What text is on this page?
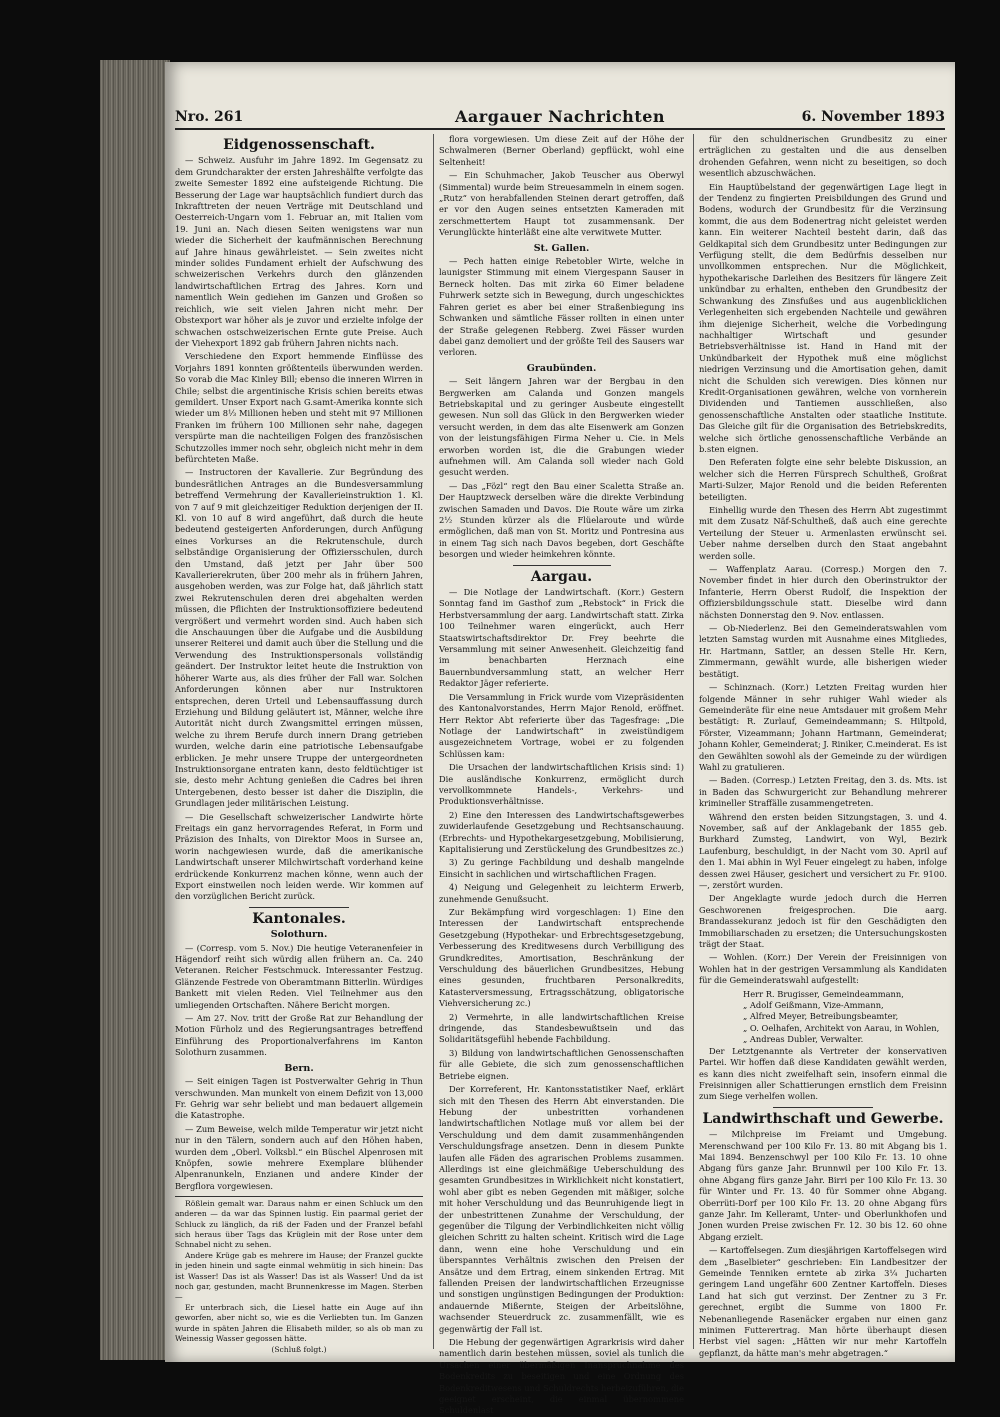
Nro. 261	Aargauer Nachrichten	6. November 1893
Eidgenossenschaft.

— Schweiz. Ausfuhr im Jahre 1892. Im Gegensatz zu dem Grundcharakter der ersten Jahreshälfte verfolgte das zweite Semester 1892 eine aufsteigende Richtung. Die Besserung der Lage war hauptsächlich fundiert durch das Inkrafttreten der neuen Verträge mit Deutschland und Oesterreich-Ungarn vom 1. Februar an, mit Italien vom 19. Juni an. Nach diesen Seiten wenigstens war nun wieder die Sicherheit der kaufmännischen Berechnung auf Jahre hinaus gewährleistet. — Sein zweites nicht minder solides Fundament erhielt der Aufschwung des schweizerischen Verkehrs durch den glänzenden landwirtschaftlichen Ertrag des Jahres. Korn und namentlich Wein gediehen im Ganzen und Großen so reichlich, wie seit vielen Jahren nicht mehr. Der Obstexport war höher als je zuvor und erzielte infolge der schwachen ostschweizerischen Ernte gute Preise. Auch der Viehexport 1892 gab frühern Jahren nichts nach.

Verschiedene den Export hemmende Einflüsse des Vorjahrs 1891 konnten größtenteils überwunden werden. So vorab die Mac Kinley Bill; ebenso die inneren Wirren in Chile; selbst die argentinische Krisis schien bereits etwas gemildert. Unser Export nach G.samt-Amerika konnte sich wieder um 8⅓ Millionen heben und steht mit 97 Millionen Franken im frühern 100 Millionen sehr nahe, dagegen verspürte man die nachteiligen Folgen des französischen Schutzzolles immer noch sehr, obgleich nicht mehr in dem befürchteten Maße.

— Instructoren der Kavallerie. Zur Begründung des bundesrätlichen Antrages an die Bundesversammlung betreffend Vermehrung der Kavallerieinstruktion 1. Kl. von 7 auf 9 mit gleichzeitiger Reduktion derjenigen der II. Kl. von 10 auf 8 wird angeführt, daß durch die heute bedeutend gesteigerten Anforderungen, durch Anfügung eines Vorkurses an die Rekrutenschule, durch selbständige Organisierung der Offiziersschulen, durch den Umstand, daß jetzt per Jahr über 500 Kavallerierekruten, über 200 mehr als in frühern Jahren, ausgehoben werden, was zur Folge hat, daß jährlich statt zwei Rekrutenschulen deren drei abgehalten werden müssen, die Pflichten der Instruktionsoffiziere bedeutend vergrößert und vermehrt worden sind. Auch haben sich die Anschauungen über die Aufgabe und die Ausbildung unserer Reiterei und damit auch über die Stellung und die Verwendung des Instruktionspersonals vollständig geändert. Der Instruktor leitet heute die Instruktion von höherer Warte aus, als dies früher der Fall war. Solchen Anforderungen können aber nur Instruktoren entsprechen, deren Urteil und Lebensauffassung durch Erziehung und Bildung geläutert ist, Männer, welche ihre Autorität nicht durch Zwangsmittel erringen müssen, welche zu ihrem Berufe durch innern Drang getrieben wurden, welche darin eine patriotische Lebensaufgabe erblicken. Je mehr unsere Truppe der untergeordneten Instruktionsorgane entraten kann, desto feldtüchtiger ist sie, desto mehr Achtung genießen die Cadres bei ihren Untergebenen, desto besser ist daher die Disziplin, die Grundlagen jeder militärischen Leistung.

— Die Gesellschaft schweizerischer Landwirte hörte Freitags ein ganz hervorragendes Referat, in Form und Präzision des Inhalts, von Direktor Moos in Sursee an, worin nachgewiesen wurde, daß die amerikanische Landwirtschaft unserer Milchwirtschaft vorderhand keine erdrückende Konkurrenz machen könne, wenn auch der Export einstweilen noch leiden werde. Wir kommen auf den vorzüglichen Bericht zurück.

Kantonales.
Solothurn.

— (Corresp. vom 5. Nov.) Die heutige Veteranenfeier in Hägendorf reiht sich würdig allen frühern an. Ca. 240 Veteranen. Reicher Festschmuck. Interessanter Festzug. Glänzende Festrede von Oberamtmann Bitterlin. Würdiges Bankett mit vielen Reden. Viel Teilnehmer aus den umliegenden Ortschaften. Nähere Bericht morgen.

— Am 27. Nov. tritt der Große Rat zur Behandlung der Motion Fürholz und des Regierungsantrages betreffend Einführung des Proportionalverfahrens im Kanton Solothurn zusammen.

Bern.

— Seit einigen Tagen ist Postverwalter Gehrig in Thun verschwunden. Man munkelt von einem Defizit von 13,000 Fr. Gehrig war sehr beliebt und man bedauert allgemein die Katastrophe.

— Zum Beweise, welch milde Temperatur wir jetzt nicht nur in den Tälern, sondern auch auf den Höhen haben, wurden dem „Oberl. Volksbl.“ ein Büschel Alpenrosen mit Knöpfen, sowie mehrere Exemplare blühender Alpenranunkeln, Enzianen und andere Kinder der Bergflora vorgewiesen.

Rößlein gemalt war. Daraus nahm er einen Schluck um den anderen — da war das Spinnen lustig. Ein paarmal geriet der Schluck zu länglich, da riß der Faden und der Franzel befahl sich heraus über Tags das Krüglein mit der Rose unter dem Schnabel nicht zu sehen.

Andere Krüge gab es mehrere im Hause; der Franzel guckte in jeden hinein und sagte einmal wehmütig in sich hinein: Das ist Wasser! Das ist als Wasser! Das ist als Wasser! Und da ist noch gar, gestunden, macht Brunnenkresse im Magen. Sterben —

Er unterbrach sich, die Liesel hatte ein Auge auf ihn geworfen, aber nicht so, wie es die Verliebten tun. Im Ganzen wurde in späten Jahren die Elisabeth milder, so als ob man zu Weinessig Wasser gegossen hätte.

(Schluß folgt.)

flora vorgewiesen. Um diese Zeit auf der Höhe der Schwalmeren (Berner Oberland) gepflückt, wohl eine Seltenheit!

— Ein Schuhmacher, Jakob Teuscher aus Oberwyl (Simmental) wurde beim Streuesammeln in einem sogen. „Rutz“ von herabfallenden Steinen derart getroffen, daß er vor den Augen seines entsetzten Kameraden mit zerschmettertem Haupt tot zusammensank. Der Verunglückte hinterläßt eine alte verwitwete Mutter.

St. Gallen.

— Pech hatten einige Rebetobler Wirte, welche in launigster Stimmung mit einem Viergespann Sauser in Berneck holten. Das mit zirka 60 Eimer beladene Fuhrwerk setzte sich in Bewegung, durch ungeschicktes Fahren geriet es aber bei einer Straßenbiegung ins Schwanken und sämtliche Fässer rollten in einen unter der Straße gelegenen Rebberg. Zwei Fässer wurden dabei ganz demoliert und der größte Teil des Sausers war verloren.

Graubünden.

— Seit längern Jahren war der Bergbau in den Bergwerken am Calanda und Gonzen mangels Betriebskapital und zu geringer Ausbeute eingestellt gewesen. Nun soll das Glück in den Bergwerken wieder versucht werden, in dem das alte Eisenwerk am Gonzen von der leistungsfähigen Firma Neher u. Cie. in Mels erworben worden ist, die die Grabungen wieder aufnehmen will. Am Calanda soll wieder nach Gold gesucht werden.

— Das „Fözl“ regt den Bau einer Scaletta Straße an. Der Hauptzweck derselben wäre die direkte Verbindung zwischen Samaden und Davos. Die Route wäre um zirka 2½ Stunden kürzer als die Flüelaroute und würde ermöglichen, daß man von St. Moritz und Pontresina aus in einem Tag sich nach Davos begeben, dort Geschäfte besorgen und wieder heimkehren könnte.

Aargau.

— Die Notlage der Landwirtschaft. (Korr.) Gestern Sonntag fand im Gasthof zum „Rebstock“ in Frick die Herbstversammlung der aarg. Landwirtschaft statt. Zirka 100 Teilnehmer waren eingerückt, auch Herr Staatswirtschaftsdirektor Dr. Frey beehrte die Versammlung mit seiner Anwesenheit. Gleichzeitig fand im benachbarten Herznach eine Bauernbundversammlung statt, an welcher Herr Redaktor Jäger referierte.

Die Versammlung in Frick wurde vom Vizepräsidenten des Kantonalvorstandes, Herrn Major Renold, eröffnet. Herr Rektor Abt referierte über das Tagesfrage: „Die Notlage der Landwirtschaft“ in zweistündigem ausgezeichnetem Vortrage, wobei er zu folgenden Schlüssen kam:

Die Ursachen der landwirtschaftlichen Krisis sind: 1) Die ausländische Konkurrenz, ermöglicht durch vervollkommnete Handels-, Verkehrs- und Produktionsverhältnisse.

2) Eine den Interessen des Landwirtschaftsgewerbes zuwiderlaufende Gesetzgebung und Rechtsanschauung. (Erbrechts- und Hypothekargesetzgebung, Mobilisierung, Kapitalisierung und Zerstückelung des Grundbesitzes zc.)

3) Zu geringe Fachbildung und deshalb mangelnde Einsicht in sachlichen und wirtschaftlichen Fragen.

4) Neigung und Gelegenheit zu leichterm Erwerb, zunehmende Genußsucht.

Zur Bekämpfung wird vorgeschlagen: 1) Eine den Interessen der Landwirtschaft entsprechende Gesetzgebung (Hypothekar- und Erbrechtsgesetzgebung, Verbesserung des Kreditwesens durch Verbilligung des Grundkredites, Amortisation, Beschränkung der Verschuldung des bäuerlichen Grundbesitzes, Hebung eines gesunden, fruchtbaren Personalkredits, Katasterversmessung, Ertragsschätzung, obligatorische Viehversicherung zc.)

2) Vermehrte, in alle landwirtschaftlichen Kreise dringende, das Standesbewußtsein und das Solidaritätsgefühl hebende Fachbildung.

3) Bildung von landwirtschaftlichen Genossenschaften für alle Gebiete, die sich zum genossenschaftlichen Betriebe eignen.

Der Korreferent, Hr. Kantonsstatistiker Naef, erklärt sich mit den Thesen des Herrn Abt einverstanden. Die Hebung der unbestritten vorhandenen landwirtschaftlichen Notlage muß vor allem bei der Verschuldung und dem damit zusammenhängenden Verschuldungsfrage ansetzen. Denn in diesem Punkte laufen alle Fäden des agrarischen Problems zusammen. Allerdings ist eine gleichmäßige Ueberschuldung des gesamten Grundbesitzes in Wirklichkeit nicht konstatiert, wohl aber gibt es neben Gegenden mit mäßiger, solche mit hoher Verschuldung und das Beunruhigende liegt in der unbestrittenen Zunahme der Verschuldung, der gegenüber die Tilgung der Verbindlichkeiten nicht völlig gleichen Schritt zu halten scheint. Kritisch wird die Lage dann, wenn eine hohe Verschuldung und ein überspanntes Verhältnis zwischen den Preisen der Ansätze und dem Ertrag, einem sinkenden Ertrag. Mit fallenden Preisen der landwirtschaftlichen Erzeugnisse und sonstigen ungünstigen Bedingungen der Produktion: andauernde Mißernte, Steigen der Arbeitslöhne, wachsender Steuerdruck zc. zusammenfällt, wie es gegenwärtig der Fall ist.

Die Hebung der gegenwärtigen Agrarkrisis wird daher namentlich darin bestehen müssen, soviel als tunlich die Ursachen einer übermäßigen Inanspruchnahme des Bodenkredits zu beseitigen und eine Ordnung des Bodenkreditwesens und Schuldrechts herbeizuführen, die geeignet erscheint, die einmal übernommene Schuldenlast

für den schuldnerischen Grundbesitz zu einer erträglichen zu gestalten und die aus denselben drohenden Gefahren, wenn nicht zu beseitigen, so doch wesentlich abzuschwächen.

Ein Hauptübelstand der gegenwärtigen Lage liegt in der Tendenz zu fingierten Preisbildungen des Grund und Bodens, wodurch der Grundbesitz für die Verzinsung kommt, die aus dem Bodenertrag nicht geleistet werden kann. Ein weiterer Nachteil besteht darin, daß das Geldkapital sich dem Grundbesitz unter Bedingungen zur Verfügung stellt, die dem Bedürfnis desselben nur unvollkommen entsprechen. Nur die Möglichkeit, hypothekarische Darleihen des Besitzers für längere Zeit unkündbar zu erhalten, entheben den Grundbesitz der Schwankung des Zinsfußes und aus augenblicklichen Verlegenheiten sich ergebenden Nachteile und gewähren ihm diejenige Sicherheit, welche die Vorbedingung nachhaltiger Wirtschaft und gesunder Betriebsverhältnisse ist. Hand in Hand mit der Unkündbarkeit der Hypothek muß eine möglichst niedrigen Verzinsung und die Amortisation gehen, damit nicht die Schulden sich verewigen. Dies können nur Kredit-Organisationen gewähren, welche von vornherein Dividenden und Tantiemen ausschließen, also genossenschaftliche Anstalten oder staatliche Institute. Das Gleiche gilt für die Organisation des Betriebskredits, welche sich örtliche genossenschaftliche Verbände an b.sten eignen.

Den Referaten folgte eine sehr belebte Diskussion, an welcher sich die Herren Fürsprech Schultheß, Großrat Marti-Sulzer, Major Renold und die beiden Referenten beteiligten.

Einhellig wurde den Thesen des Herrn Abt zugestimmt mit dem Zusatz Näf-Schultheß, daß auch eine gerechte Verteilung der Steuer u. Armenlasten erwünscht sei. Ueber nahme derselben durch den Staat angebahnt werden solle.

— Waffenplatz Aarau. (Corresp.) Morgen den 7. November findet in hier durch den Oberinstruktor der Infanterie, Herrn Oberst Rudolf, die Inspektion der Offiziersbildungsschule statt. Dieselbe wird dann nächsten Donnerstag den 9. Nov. entlassen.

— Ob-Niederlenz. Bei den Gemeinderatswahlen vom letzten Samstag wurden mit Ausnahme eines Mitgliedes, Hr. Hartmann, Sattler, an dessen Stelle Hr. Kern, Zimmermann, gewählt wurde, alle bisherigen wieder bestätigt.

— Schinznach. (Korr.) Letzten Freitag wurden hier folgende Männer in sehr ruhiger Wahl wieder als Gemeinderäte für eine neue Amtsdauer mit großem Mehr bestätigt: R. Zurlauf, Gemeindeammann; S. Hiltpold, Förster, Vizeammann; Johann Hartmann, Gemeinderat; Johann Kohler, Gemeinderat; J. Riniker, C.meinderat. Es ist den Gewählten sowohl als der Gemeinde zu der würdigen Wahl zu gratulieren.

— Baden. (Corresp.) Letzten Freitag, den 3. ds. Mts. ist in Baden das Schwurgericht zur Behandlung mehrerer krimineller Straffälle zusammengetreten.

Während den ersten beiden Sitzungstagen, 3. und 4. November, saß auf der Anklagebank der 1855 geb. Burkhard Zumsteg, Landwirt, von Wyl, Bezirk Laufenburg, beschuldigt, in der Nacht vom 30. April auf den 1. Mai abhin in Wyl Feuer eingelegt zu haben, infolge dessen zwei Häuser, gesichert und versichert zu Fr. 9100. —, zerstört wurden.

Der Angeklagte wurde jedoch durch die Herren Geschworenen freigesprochen. Die aarg. Brandassekuranz jedoch ist für den Geschädigten den Immobiliarschaden zu ersetzen; die Untersuchungskosten trägt der Staat.

— Wohlen. (Korr.) Der Verein der Freisinnigen von Wohlen hat in der gestrigen Versammlung als Kandidaten für die Gemeinderatswahl aufgestellt:

Herr R. Brugisser, Gemeindeammann,

„ Adolf Geißmann, Vize-Ammann,

„ Alfred Meyer, Betreibungsbeamter,

„ O. Oelhafen, Architekt von Aarau, in Wohlen,

„ Andreas Dubler, Verwalter.

Der Letztgenannte als Vertreter der konservativen Partei. Wir hoffen daß diese Kandidaten gewählt werden, es kann dies nicht zweifelhaft sein, insofern einmal die Freisinnigen aller Schattierungen ernstlich dem Freisinn zum Siege verhelfen wollen.

Landwirthschaft und Gewerbe.

— Milchpreise im Freiamt und Umgebung. Merenschwand per 100 Kilo Fr. 13. 80 mit Abgang bis 1. Mai 1894. Benzenschwyl per 100 Kilo Fr. 13. 10 ohne Abgang fürs ganze Jahr. Brunnwil per 100 Kilo Fr. 13. ohne Abgang fürs ganze Jahr. Birri per 100 Kilo Fr. 13. 30 für Winter und Fr. 13. 40 für Sommer ohne Abgang. Oberrüti-Dorf per 100 Kilo Fr. 13. 20 ohne Abgang fürs ganze Jahr. Im Kelleramt, Unter- und Oberlunkhofen und Jonen wurden Preise zwischen Fr. 12. 30 bis 12. 60 ohne Abgang erzielt.

— Kartoffelsegen. Zum diesjährigen Kartoffelsegen wird dem „Baselbieter“ geschrieben: Ein Landbesitzer der Gemeinde Tenniken erntete ab zirka 3¼ Jucharten geringem Land ungefähr 600 Zentner Kartoffeln. Dieses Land hat sich gut verzinst. Der Zentner zu 3 Fr. gerechnet, ergibt die Summe von 1800 Fr. Nebenanliegende Rasenäcker ergaben nur einen ganz minimen Futterertrag. Man hörte überhaupt diesen Herbst viel sagen: „Hätten wir nur mehr Kartoffeln gepflanzt, da hätte man's mehr abgetragen.“
